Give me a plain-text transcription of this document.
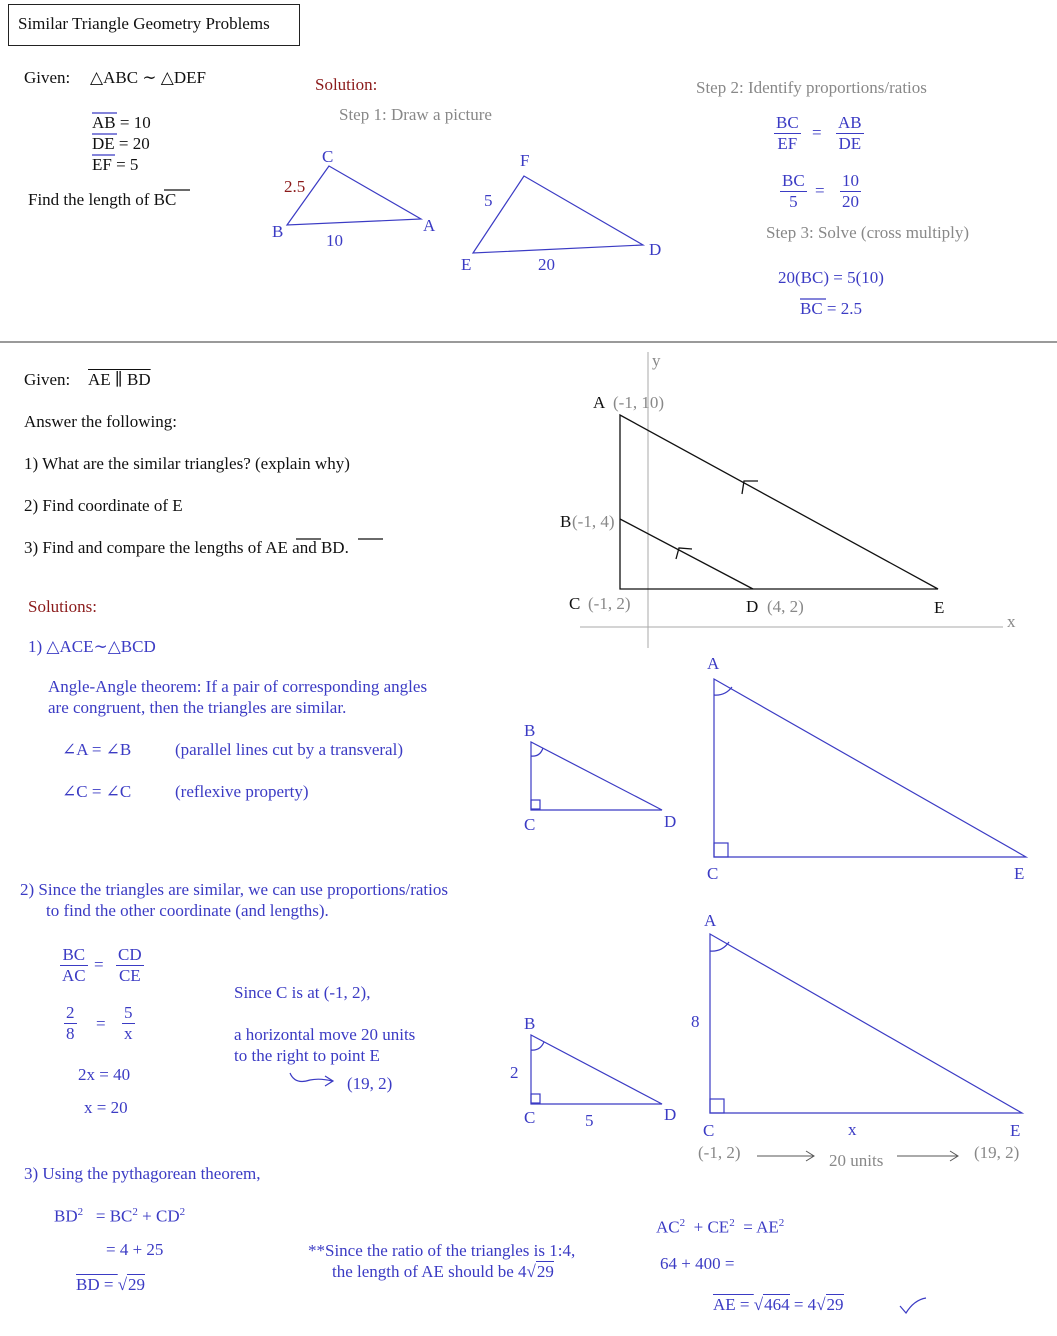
Similar Triangle Geometry Problems
Given: △ABC ∼ △DEF
AB = 10
DE = 20
EF = 5
Find the length of BC
Solution:
Step 1: Draw a picture
Step 2: Identify proportions/ratios
$\frac{BC}{EF} = \frac{AB}{DE}$
$\frac{BC}{5} = \frac{10}{20}$
Step 3: Solve (cross multiply)
20(BC) = 5(10)
BC = 2.5
C
B	A
2.5
10
F
E
D
5
20
Given: AE ∥ BD
Answer the following:
1) What are the similar triangles? (explain why)
2) Find coordinate of E
3) Find and compare the lengths of AE and BD.
Solutions:
1) △ACE∼△BCD
Angle-Angle theorem: If a pair of corresponding angles
are congruent, then the triangles are similar.
∠A = ∠B	(parallel lines cut by a transveral)
∠C = ∠C	(reflexive property)
2) Since the triangles are similar, we can use proportions/ratios
to find the other coordinate (and lengths).
$\frac{BC}{AC} = \frac{CD}{CE}$
$\frac{2}{8} = \frac{5}{x}$
2x = 40
x = 20
Since C is at (-1, 2),
a horizontal move 20 units
to the right to point E
(19, 2)
3) Using the pythagorean theorem,
$BD^2 = BC^2 + CD^2$
= 4 + 25
BD = √29
**Since the ratio of the triangles is 1:4,
the length of AE should be 4√29
$AC^2 + CE^2 = AE^2$
64 + 400 =
AE = √464 = 4√29
y
x
A (-1, 10)
B (-1, 4)
C (-1, 2)	D (4, 2)	E
B
C	D
A
C	E
B
C	D
2
5
A
C	E
8
x
(-1, 2)	20 units	(19, 2)
